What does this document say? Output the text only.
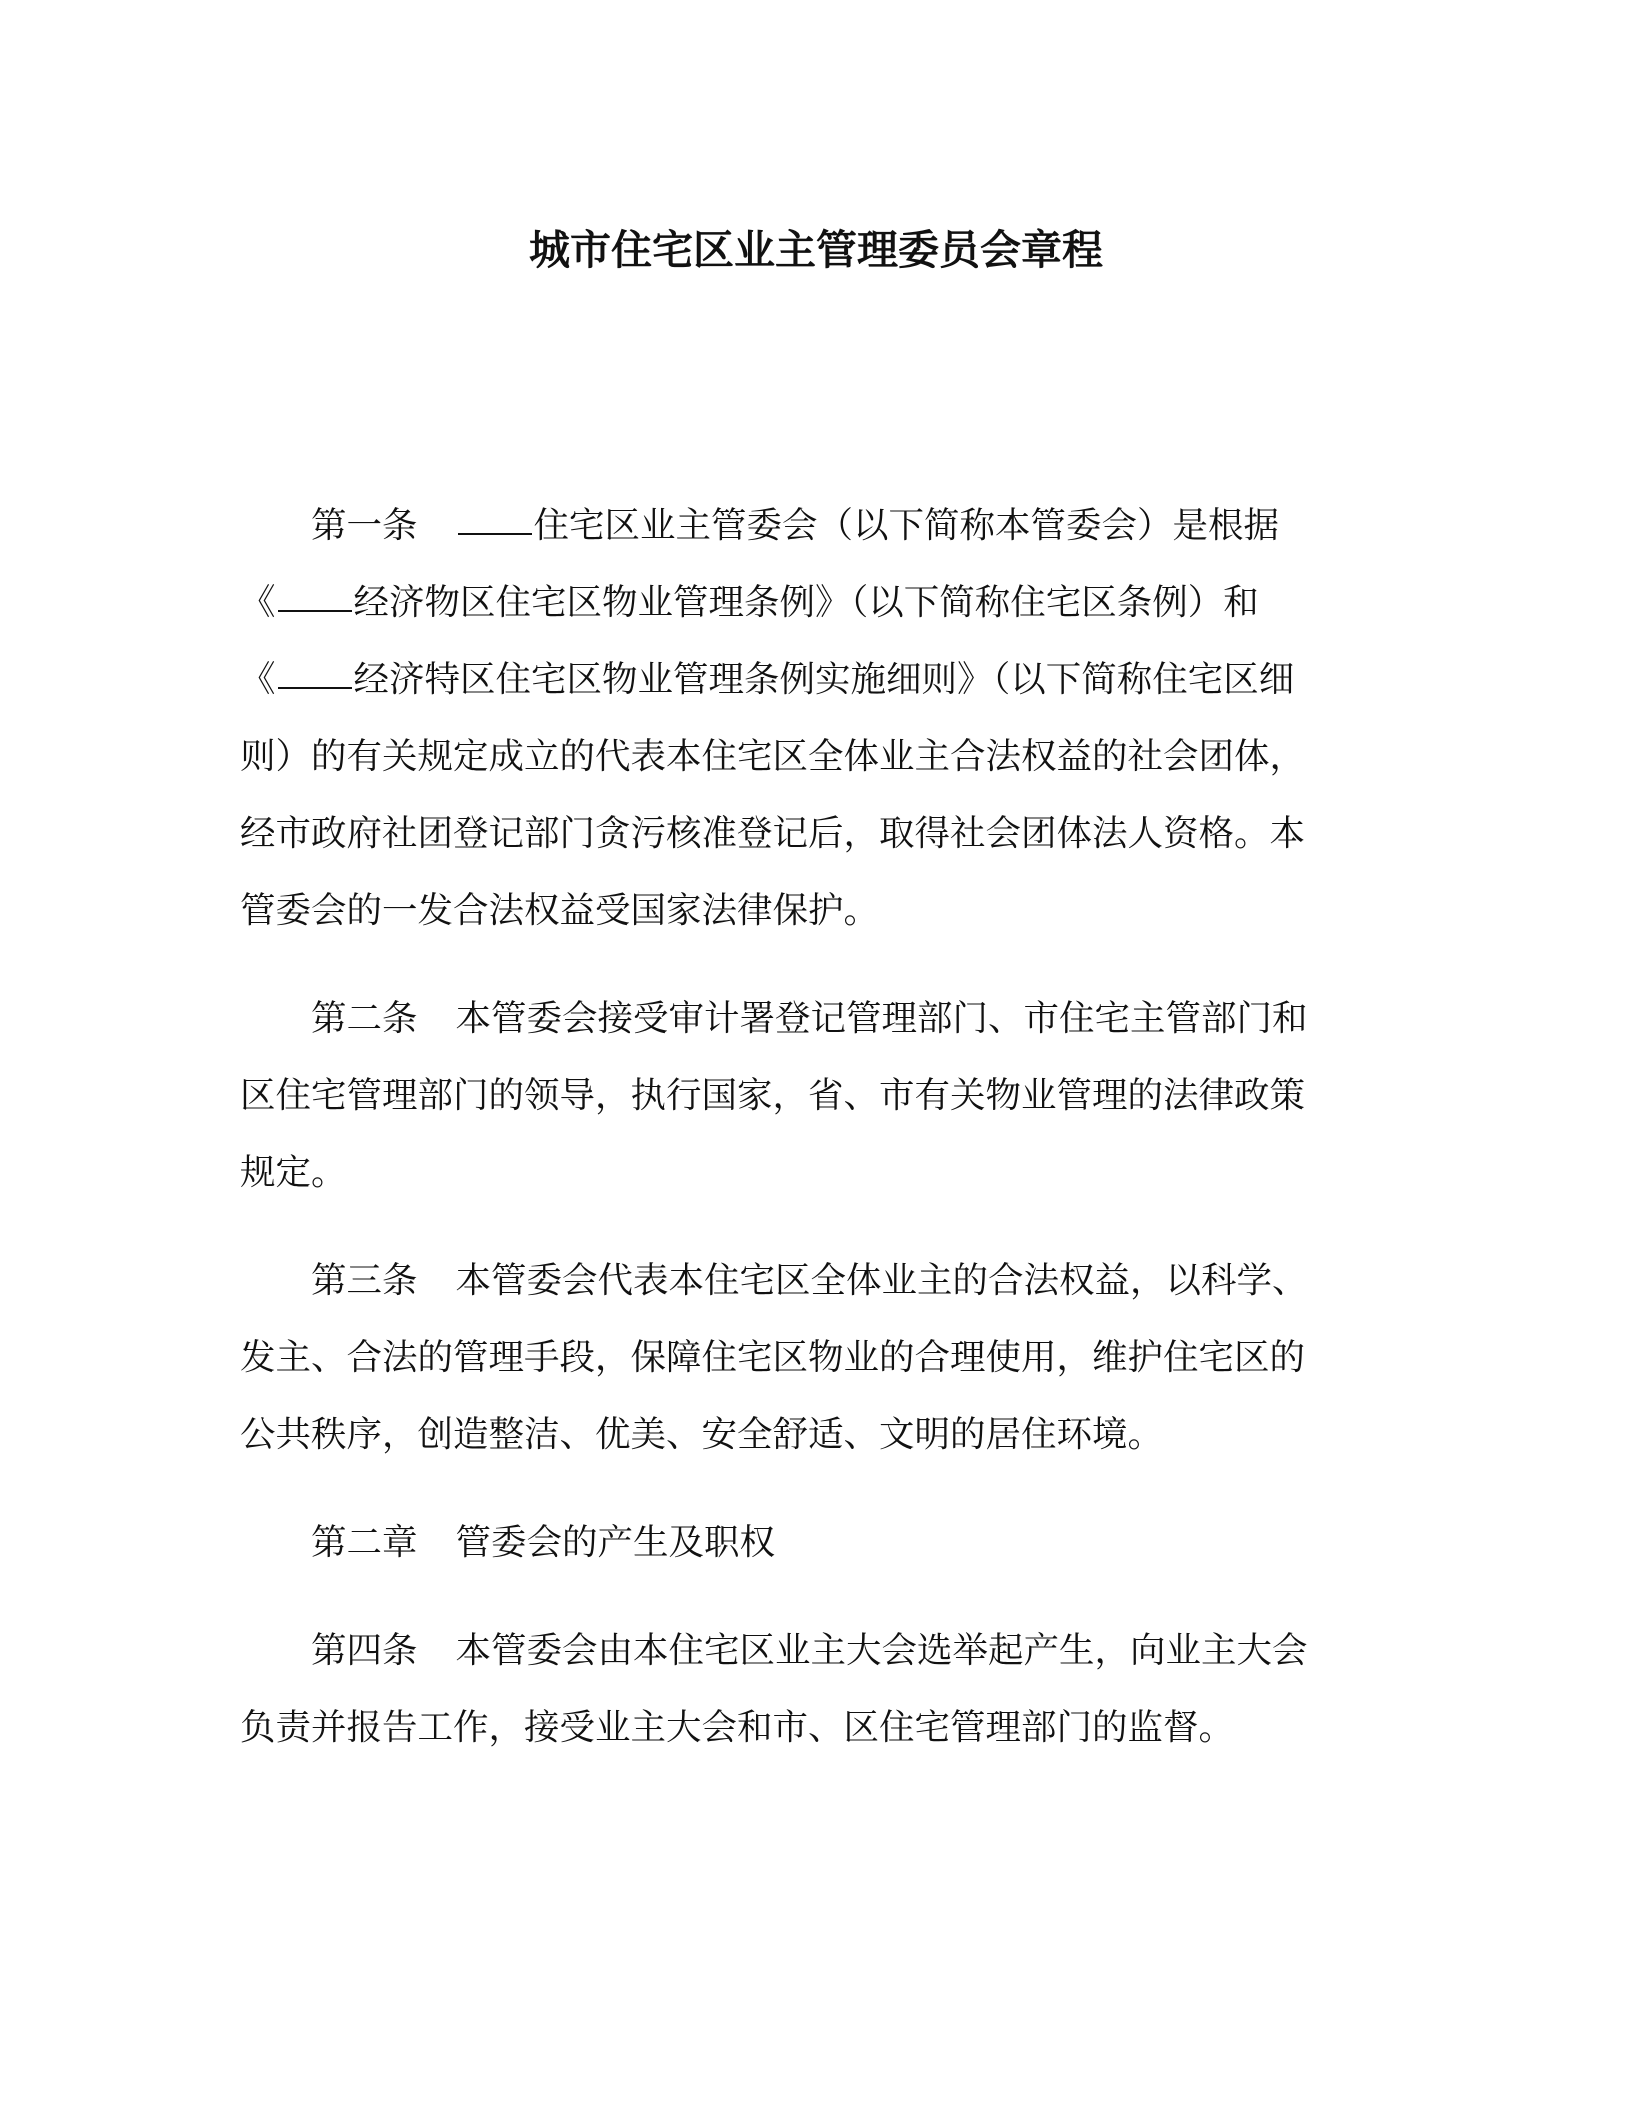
城市住宅区业主管理委员会章程
第一条	住宅区业主管委会（以下简称本管委会）是根据
《 经济物区住宅区物业管理条例》（以下简称住宅区条例）和
《 经济特区住宅区物业管理条例实施细则》（以下简称住宅区细
则）的有关规定成立的代表本住宅区全体业主合法权益的社会团体，
经市政府社团登记部门贪污核准登记后，取得社会团体法人资格。本
管委会的一发合法权益受国家法律保护。
第二条 本管委会接受审计署登记管理部门、市住宅主管部门和
区住宅管理部门的领导，执行国家，省、市有关物业管理的法律政策
规定。
第三条 本管委会代表本住宅区全体业主的合法权益，以科学、
发主、合法的管理手段，保障住宅区物业的合理使用，维护住宅区的
公共秩序，创造整洁、优美、安全舒适、文明的居住环境。
第二章 管委会的产生及职权
第四条 本管委会由本住宅区业主大会选举起产生，向业主大会
负责并报告工作，接受业主大会和市、区住宅管理部门的监督。
